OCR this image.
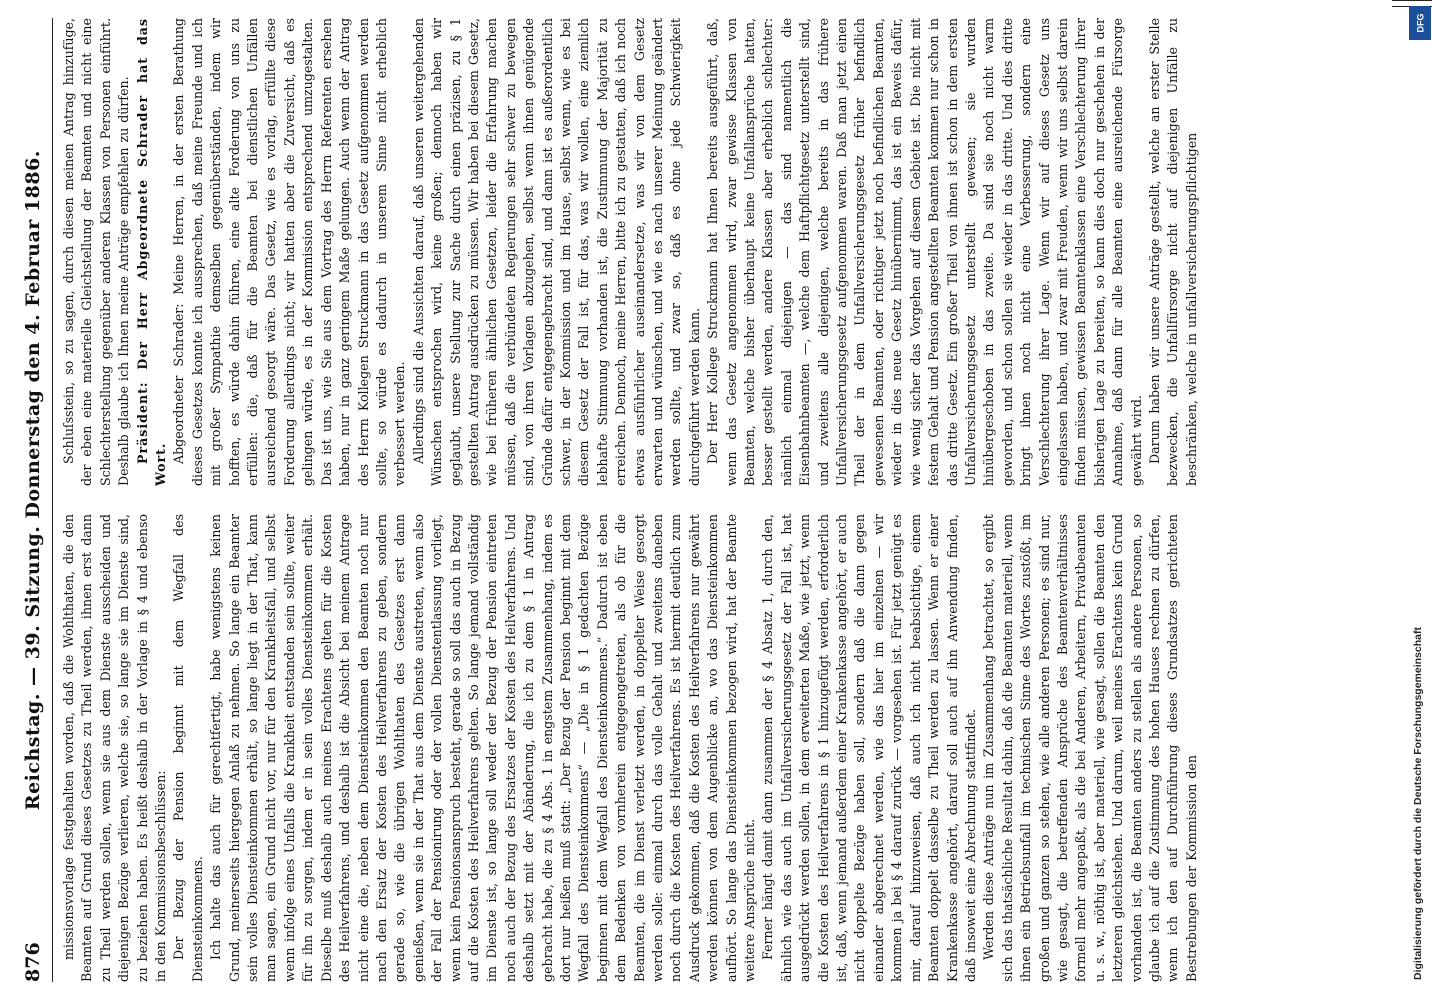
876
Reichstag. — 39. Sitzung. Donnerstag den 4. Februar 1886. missionsvorlage festgehalten worden, daß die Wohlthaten, die den Beamten auf Grund dieses Gesetzes zu Theil werden, ihnen erst dann zu Theil werden sollen, wenn sie aus dem Dienste ausscheiden und diejenigen Bezüge verlieren, welche sie, so lange sie im Dienste sind, zu beziehen haben. Es heißt deshalb in der Vorlage in § 4 und ebenso in den Kommissionsbeschlüssen: Der Bezug der Pension beginnt mit dem Wegfall des Diensteinkommens. Ich halte das auch für gerechtfertigt, habe wenigstens keinen Grund, meinerseits hiergegen Anlaß zu nehmen. So lange ein Beamter sein volles Diensteinkommen erhält, so lange liegt in der That, kann man sagen, ein Grund nicht vor, nur für den Krankheitsfall, und selbst wenn infolge eines Unfalls die Krankheit entstanden sein sollte, weiter für ihn zu sorgen, indem er in sein volles Diensteinkommen erhält. Dieselbe muß deshalb auch meines Erachtens gelten für die Kosten des Heilverfahrens, und deshalb ist die Absicht bei meinem Antrage nicht eine die, neben dem Diensteinkommen den Beamten noch nur nach den Ersatz der Kosten des Heilverfahrens zu geben, sondern gerade so, wie die übrigen Wohlthaten des Gesetzes erst dann genießen, wenn sie in der That aus dem Dienste austreten, wenn also der Fall der Pensionirung oder der vollen Dienstentlassung vorliegt, wenn kein Pensionsanspruch besteht, gerade so soll das auch in Bezug auf die Kosten des Heilverfahrens gelten. So lange jemand vollständig im Dienste ist, so lange soll weder der Bezug der Pension eintreten noch auch der Bezug des Ersatzes der Kosten des Heilverfahrens. Und deshalb setzt mit der Abänderung, die ich zu dem § 1 in Antrag gebracht habe, die zu § 4 Abs. 1 in engstem Zusammenhang, indem es dort nur heißen muß statt: „Der Bezug der Pension beginnt mit dem Wegfall des Diensteinkommens“ — „Die in § 1 gedachten Bezüge beginnen mit dem Wegfall des Diensteinkommens.“ Dadurch ist eben dem Bedenken von vornherein entgegengetreten, als ob für die Beamten, die im Dienst verletzt werden, in doppelter Weise gesorgt werden solle: einmal durch das volle Gehalt und zweitens daneben noch durch die Kosten des Heilverfahrens. Es ist hiermit deutlich zum Ausdruck gekommen, daß die Kosten des Heilverfahrens nur gewährt werden können von dem Augenblicke an, wo das Diensteinkommen aufhört. So lange das Diensteinkommen bezogen wird, hat der Beamte weitere Ansprüche nicht. Ferner hängt damit dann zusammen der § 4 Absatz 1, durch den, ähnlich wie das auch im Unfallversicherungsgesetz der Fall ist, hat ausgedrückt werden sollen, in dem erweiterten Maße, wie jetzt, wenn die Kosten des Heilverfahrens in § 1 hinzugefügt werden, erforderlich ist, daß, wenn jemand außerdem einer Krankenkasse angehört, er auch nicht doppelte Bezüge haben soll, sondern daß die dann gegen einander abgerechnet werden, wie das hier im einzelnen — wir kommen ja bei § 4 darauf zurück — vorgesehen ist. Für jetzt genügt es mir, darauf hinzuweisen, daß auch ich nicht beabsichtige, einem Beamten doppelt dasselbe zu Theil werden zu lassen. Wenn er einer Krankenkasse angehört, darauf soll auch auf ihn Anwendung finden, daß insoweit eine Abrechnung stattfindet. Werden diese Anträge nun im Zusammenhang betrachtet, so ergibt sich das thatsächliche Resultat dahin, daß die Beamten materiell, wenn ihnen ein Betriebsunfall im technischen Sinne des Wortes zustößt, im großen und ganzen so stehen, wie alle anderen Personen; es sind nur, wie gesagt, die betreffenden Ansprüche des Beamtenverhältnisses formell mehr angepaßt, als die bei Anderen, Arbeitern, Privatbeamten u. s. w., nöthig ist, aber materiell, wie gesagt, sollen die Beamten den letzteren gleichstehen. Und darum, weil meines Erachtens kein Grund vorhanden ist, die Beamten anders zu stellen als andere Personen, so glaube ich auf die Zustimmung des hohen Hauses rechnen zu dürfen, wenn ich den auf Durchführung dieses Grundsatzes gerichteten Bestrebungen der Kommission den

Schluſsstein, so zu sagen, durch diesen meinen Antrag hinzufüge, der eben eine materielle Gleichstellung der Beamten und nicht eine Schlechterstellung gegenüber anderen Klassen von Personen einführt. Deshalb glaube ich Ihnen meine Anträge empfehlen zu dürfen. Präsident: Der Herr Abgeordnete Schrader hat das Wort.

Abgeordneter Schrader: Meine Herren, in der ersten Berathung dieses Gesetzes konnte ich aussprechen, daß meine Freunde und ich mit großer Sympathie demselben gegenüberständen, indem wir hofften, es würde dahin führen, eine alte Forderung von uns zu erfüllen: die, daß für die Beamten bei dienstlichen Unfällen ausreichend gesorgt wäre. Das Gesetz, wie es vorlag, erfüllte diese Forderung allerdings nicht; wir hatten aber die Zuversicht, daß es gelingen würde, es in der Kommission entsprechend umzugestalten. Das ist uns, wie Sie aus dem Vortrag des Herrn Referenten ersehen haben, nur in ganz geringem Maße gelungen. Auch wenn der Antrag des Herrn Kollegen Struckmann in das Gesetz aufgenommen werden sollte, so würde es dadurch in unserem Sinne nicht erheblich verbessert werden. Allerdings sind die Aussichten darauf, daß unseren weitergehenden Wünschen entsprochen wird, keine großen; dennoch haben wir geglaubt, unsere Stellung zur Sache durch einen präzisen, zu § 1 gestellten Antrag ausdrücken zu müssen. Wir haben bei diesem Gesetz, wie bei früheren ähnlichen Gesetzen, leider die Erfahrung machen müssen, daß die verbündeten Regierungen sehr schwer zu bewegen sind, von ihren Vorlagen abzugehen, selbst wenn ihnen genügende Gründe dafür entgegengebracht sind, und dann ist es außerordentlich schwer, in der Kommission und im Hause, selbst wenn, wie es bei diesem Gesetz der Fall ist, für das, was wir wollen, eine ziemlich lebhafte Stimmung vorhanden ist, die Zustimmung der Majorität zu erreichen. Dennoch, meine Herren, bitte ich zu gestatten, daß ich noch etwas ausführlicher auseinandersetze, was wir von dem Gesetz erwarten und wünschen, und wie es nach unserer Meinung geändert werden sollte, und zwar so, daß es ohne jede Schwierigkeit durchgeführt werden kann. Der Herr Kollege Struckmann hat Ihnen bereits ausgeführt, daß, wenn das Gesetz angenommen wird, zwar gewisse Klassen von Beamten, welche bisher überhaupt keine Unfallansprüche hatten, besser gestellt werden, andere Klassen aber erheblich schlechter: nämlich einmal diejenigen — das sind namentlich die Eisenbahnbeamten —, welche dem Haftpflichtgesetz unterstellt sind, und zweitens alle diejenigen, welche bereits in das frühere Unfallversicherungsgesetz aufgenommen waren. Daß man jetzt einen Theil der in dem Unfallversicherungsgesetz früher befindlich gewesenen Beamten, oder richtiger jetzt noch befindlichen Beamten, wieder in dies neue Gesetz hinübernimmt, das ist ein Beweis dafür, wie wenig sicher das Vorgehen auf diesem Gebiete ist. Die nicht mit festem Gehalt und Pension angestellten Beamten kommen nur schon in das dritte Gesetz. Ein großer Theil von ihnen ist schon in dem ersten Unfallversicherungsgesetz unterstellt gewesen; sie wurden hinübergeschoben in das zweite. Da sind sie noch nicht warm geworden, und schon sollen sie wieder in das dritte. Und dies dritte bringt ihnen noch nicht eine Verbesserung, sondern eine Verschlechterung ihrer Lage. Wenn wir auf dieses Gesetz uns eingelassen haben, und zwar mit Freuden, wenn wir uns selbst darein finden müssen, gewissen Beamtenklassen eine Verschlechterung ihrer bisherigen Lage zu bereiten, so kann dies doch nur geschehen in der Annahme, daß dann für alle Beamten eine ausreichende Fürsorge gewährt wird. Darum haben wir unsere Anträge gestellt, welche an erster Stelle bezwecken, die Unfallfürsorge nicht auf diejenigen Unfälle zu beschränken, welche in unfallversicherungspflichtigen

DFG
Digitalisierung gefördert durch die Deutsche Forschungsgemeinschaft
